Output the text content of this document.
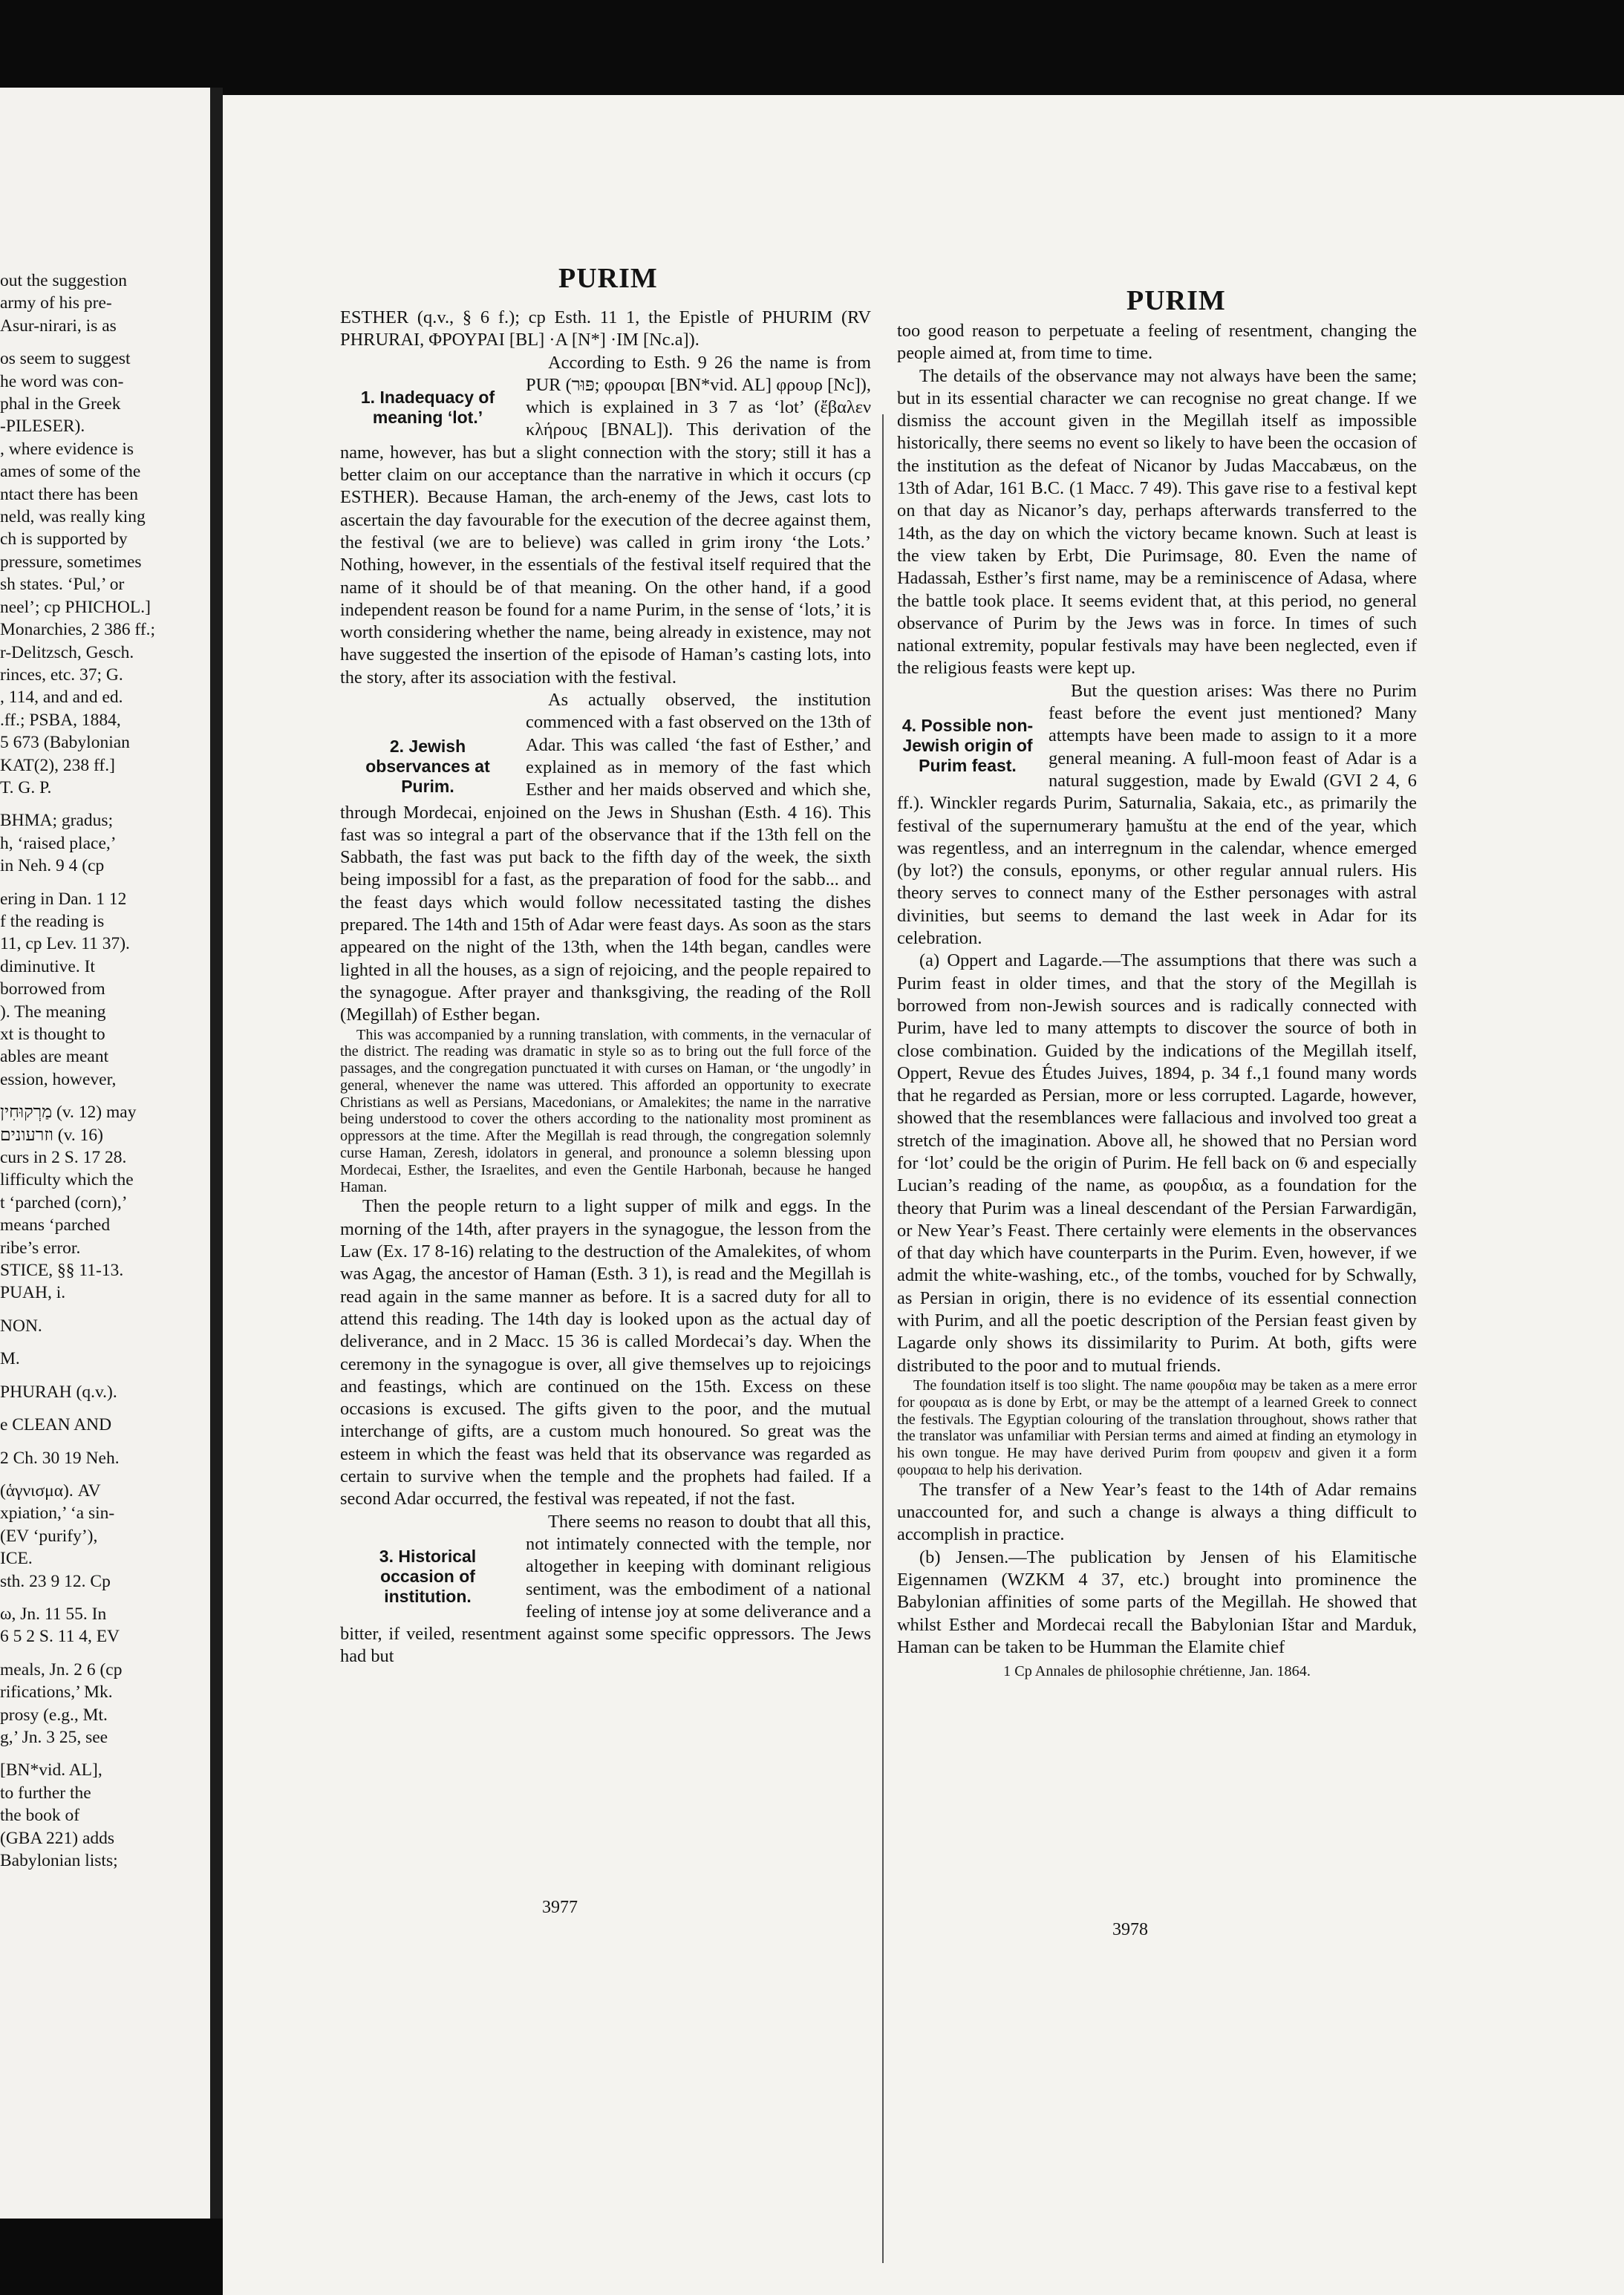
out the suggestion

army of his pre-

Asur-nirari, is as

os seem to suggest

he word was con-

phal in the Greek

-PILESER).

, where evidence is

ames of some of the

ntact there has been

neld, was really king

ch is supported by

pressure, sometimes

sh states. ‘Pul,’ or

neel’; cp PHICHOL.]

Monarchies, 2 386 ff.;

r-Delitzsch, Gesch.

rinces, etc. 37; G.

, 114, and and ed.

.ff.; PSBA, 1884,

5 673 (Babylonian

KAT(2), 238 ff.]

T. G. P.

BHMA; gradus;

h, ‘raised place,’

in Neh. 9 4 (cp

ering in Dan. 1 12

f the reading is

11, cp Lev. 11 37).

diminutive. It

borrowed from

). The meaning

xt is thought to

ables are meant

ession, however,

מַרְקוּחִין (v. 12) may

וזרעונים (v. 16)

curs in 2 S. 17 28.

lifficulty which the

t ‘parched (corn),’

means ‘parched

ribe’s error.

STICE, §§ 11-13.

PUAH, i.

NON.

M.

PHURAH (q.v.).

e CLEAN AND

2 Ch. 30 19 Neh.

(ἁγνισμα). AV

xpiation,’ ‘a sin-

(EV ‘purify’),

ICE.

sth. 23 9 12. Cp

ω, Jn. 11 55. In

6 5 2 S. 11 4, EV

meals, Jn. 2 6 (cp

rifications,’ Mk.

prosy (e.g., Mt.

g,’ Jn. 3 25, see

[BN*vid. AL],

to further the

the book of

(GBA 221) adds

Babylonian lists;

PURIM
PURIM

ESTHER (q.v., § 6 f.); cp Esth. 11 1, the Epistle of PHURIM (RV PHRURAI, ΦΡΟΥΡΑΙ [BL] ·Α [N*] ·ΙΜ [Nc.a]).

1. Inadequacy of meaning ‘lot.’
According to Esth. 9 26 the name is from PUR (פּוּר; φρουραι [BN*vid. AL] φρουρ [Nc]), which is explained in 3 7 as ‘lot’ (ἔβαλεν κλήρους [BNAL]). This derivation of the name, however, has but a slight connection with the story; still it has a better claim on our acceptance than the narrative in which it occurs (cp ESTHER). Because Haman, the arch-enemy of the Jews, cast lots to ascertain the day favourable for the execution of the decree against them, the festival (we are to believe) was called in grim irony ‘the Lots.’ Nothing, however, in the essentials of the festival itself required that the name of it should be of that meaning. On the other hand, if a good independent reason be found for a name Purim, in the sense of ‘lots,’ it is worth considering whether the name, being already in existence, may not have suggested the insertion of the episode of Haman’s casting lots, into the story, after its association with the festival.

2. Jewish observances at Purim.
As actually observed, the institution commenced with a fast observed on the 13th of Adar. This was called ‘the fast of Esther,’ and explained as in memory of the fast which Esther and her maids observed and which she, through Mordecai, enjoined on the Jews in Shushan (Esth. 4 16). This fast was so integral a part of the observance that if the 13th fell on the Sabbath, the fast was put back to the fifth day of the week, the sixth being impossibl for a fast, as the preparation of food for the sabb... and the feast days which would follow necessitated tasting the dishes prepared. The 14th and 15th of Adar were feast days. As soon as the stars appeared on the night of the 13th, when the 14th began, candles were lighted in all the houses, as a sign of rejoicing, and the people repaired to the synagogue. After prayer and thanksgiving, the reading of the Roll (Megillah) of Esther began.

This was accompanied by a running translation, with comments, in the vernacular of the district. The reading was dramatic in style so as to bring out the full force of the passages, and the congregation punctuated it with curses on Haman, or ‘the ungodly’ in general, whenever the name was uttered. This afforded an opportunity to execrate Christians as well as Persians, Macedonians, or Amalekites; the name in the narrative being understood to cover the others according to the nationality most prominent as oppressors at the time. After the Megillah is read through, the congregation solemnly curse Haman, Zeresh, idolators in general, and pronounce a solemn blessing upon Mordecai, Esther, the Israelites, and even the Gentile Harbonah, because he hanged Haman.

Then the people return to a light supper of milk and eggs. In the morning of the 14th, after prayers in the synagogue, the lesson from the Law (Ex. 17 8-16) relating to the destruction of the Amalekites, of whom was Agag, the ancestor of Haman (Esth. 3 1), is read and the Megillah is read again in the same manner as before. It is a sacred duty for all to attend this reading. The 14th day is looked upon as the actual day of deliverance, and in 2 Macc. 15 36 is called Mordecai’s day. When the ceremony in the synagogue is over, all give themselves up to rejoicings and feastings, which are continued on the 15th. Excess on these occasions is excused. The gifts given to the poor, and the mutual interchange of gifts, are a custom much honoured. So great was the esteem in which the feast was held that its observance was regarded as certain to survive when the temple and the prophets had failed. If a second Adar occurred, the festival was repeated, if not the fast.

3. Historical occasion of institution.
There seems no reason to doubt that all this, not intimately connected with the temple, nor altogether in keeping with dominant religious sentiment, was the embodiment of a national feeling of intense joy at some deliverance and a bitter, if veiled, resentment against some specific oppressors. The Jews had but

too good reason to perpetuate a feeling of resentment, changing the people aimed at, from time to time.

The details of the observance may not always have been the same; but in its essential character we can recognise no great change. If we dismiss the account given in the Megillah itself as impossible historically, there seems no event so likely to have been the occasion of the institution as the defeat of Nicanor by Judas Maccabæus, on the 13th of Adar, 161 B.C. (1 Macc. 7 49). This gave rise to a festival kept on that day as Nicanor’s day, perhaps afterwards transferred to the 14th, as the day on which the victory became known. Such at least is the view taken by Erbt, Die Purimsage, 80. Even the name of Hadassah, Esther’s first name, may be a reminiscence of Adasa, where the battle took place. It seems evident that, at this period, no general observance of Purim by the Jews was in force. In times of such national extremity, popular festivals may have been neglected, even if the religious feasts were kept up.

4. Possible non-Jewish origin of Purim feast.
But the question arises: Was there no Purim feast before the event just mentioned? Many attempts have been made to assign to it a more general meaning. A full-moon feast of Adar is a natural suggestion, made by Ewald (GVI 2 4, 6 ff.). Winckler regards Purim, Saturnalia, Sakaia, etc., as primarily the festival of the supernumerary ḫamuštu at the end of the year, which was regentless, and an interregnum in the calendar, whence emerged (by lot?) the consuls, eponyms, or other regular annual rulers. His theory serves to connect many of the Esther personages with astral divinities, but seems to demand the last week in Adar for its celebration.

(a) Oppert and Lagarde.—The assumptions that there was such a Purim feast in older times, and that the story of the Megillah is borrowed from non-Jewish sources and is radically connected with Purim, have led to many attempts to discover the source of both in close combination. Guided by the indications of the Megillah itself, Oppert, Revue des Études Juives, 1894, p. 34 f.,1 found many words that he regarded as Persian, more or less corrupted. Lagarde, however, showed that the resemblances were fallacious and involved too great a stretch of the imagination. Above all, he showed that no Persian word for ‘lot’ could be the origin of Purim. He fell back on 𝔊 and especially Lucian’s reading of the name, as φουρδια, as a foundation for the theory that Purim was a lineal descendant of the Persian Farwardigān, or New Year’s Feast. There certainly were elements in the observances of that day which have counterparts in the Purim. Even, however, if we admit the white-washing, etc., of the tombs, vouched for by Schwally, as Persian in origin, there is no evidence of its essential connection with Purim, and all the poetic description of the Persian feast given by Lagarde only shows its dissimilarity to Purim. At both, gifts were distributed to the poor and to mutual friends.

The foundation itself is too slight. The name φουρδια may be taken as a mere error for φουραια as is done by Erbt, or may be the attempt of a learned Greek to connect the festivals. The Egyptian colouring of the translation throughout, shows rather that the translator was unfamiliar with Persian terms and aimed at finding an etymology in his own tongue. He may have derived Purim from φουρειν and given it a form φουραια to help his derivation.

The transfer of a New Year’s feast to the 14th of Adar remains unaccounted for, and such a change is always a thing difficult to accomplish in practice.

(b) Jensen.—The publication by Jensen of his Elamitische Eigennamen (WZKM 4 37, etc.) brought into prominence the Babylonian affinities of some parts of the Megillah. He showed that whilst Esther and Mordecai recall the Babylonian Ištar and Marduk, Haman can be taken to be Humman the Elamite chief

1 Cp Annales de philosophie chrétienne, Jan. 1864.

3977
3978
